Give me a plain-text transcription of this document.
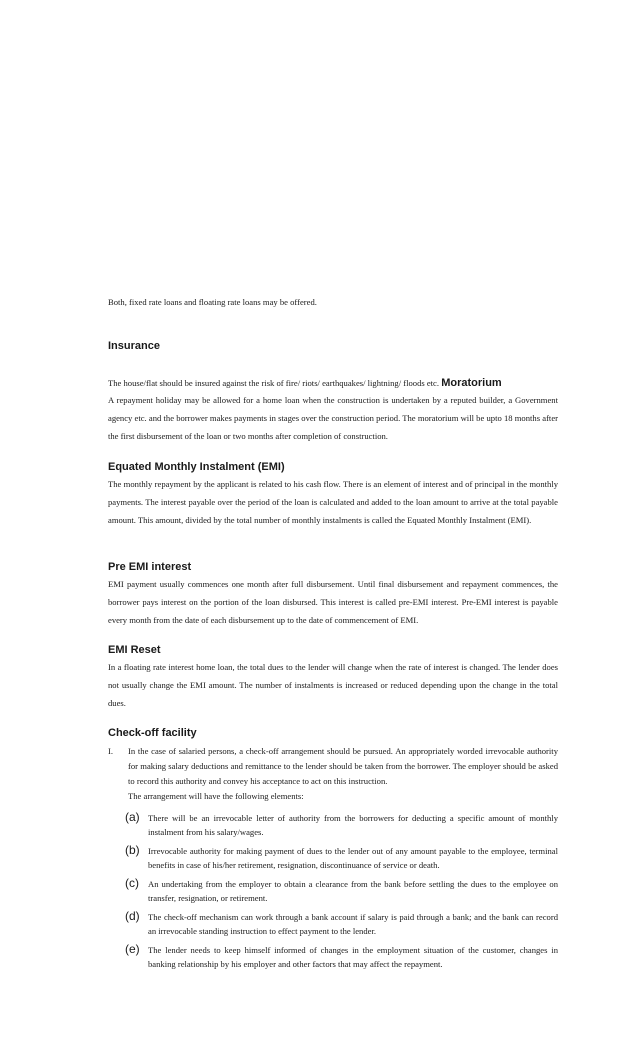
Both, fixed rate loans and floating rate loans may be offered.

Insurance

The house/flat should be insured against the risk of fire/ riots/ earthquakes/ lightning/ floods etc. Moratorium

A repayment holiday may be allowed for a home loan when the construction is undertaken by a reputed builder, a Government agency etc. and the borrower makes payments in stages over the construction period. The moratorium will be upto 18 months after the first disbursement of the loan or two months after completion of construction.

Equated Monthly Instalment (EMI)

The monthly repayment by the applicant is related to his cash flow. There is an element of interest and of principal in the monthly payments. The interest payable over the period of the loan is calculated and added to the loan amount to arrive at the total payable amount. This amount, divided by the total number of monthly instalments is called the Equated Monthly Instalment (EMI).

Pre EMI interest

EMI payment usually commences one month after full disbursement. Until final disbursement and repayment commences, the borrower pays interest on the portion of the loan disbursed. This interest is called pre-EMI interest. Pre-EMI interest is payable every month from the date of each disbursement up to the date of commencement of EMI.

EMI Reset

In a floating rate interest home loan, the total dues to the lender will change when the rate of interest is changed. The lender does not usually change the EMI amount. The number of instalments is increased or reduced depending upon the change in the total dues.

Check-off facility
I. In the case of salaried persons, a check-off arrangement should be pursued. An appropriately worded irrevocable authority for making salary deductions and remittance to the lender should be taken from the borrower. The employer should be asked to record this authority and convey his acceptance to act on this instruction.

The arrangement will have the following elements:

(a) There will be an irrevocable letter of authority from the borrowers for deducting a specific amount of monthly instalment from his salary/wages.

(b) Irrevocable authority for making payment of dues to the lender out of any amount payable to the employee, terminal benefits in case of his/her retirement, resignation, discontinuance of service or death.

(c) An undertaking from the employer to obtain a clearance from the bank before settling the dues to the employee on transfer, resignation, or retirement.

(d) The check-off mechanism can work through a bank account if salary is paid through a bank; and the bank can record an irrevocable standing instruction to effect payment to the lender.

(e) The lender needs to keep himself informed of changes in the employment situation of the customer, changes in banking relationship by his employer and other factors that may affect the repayment.
